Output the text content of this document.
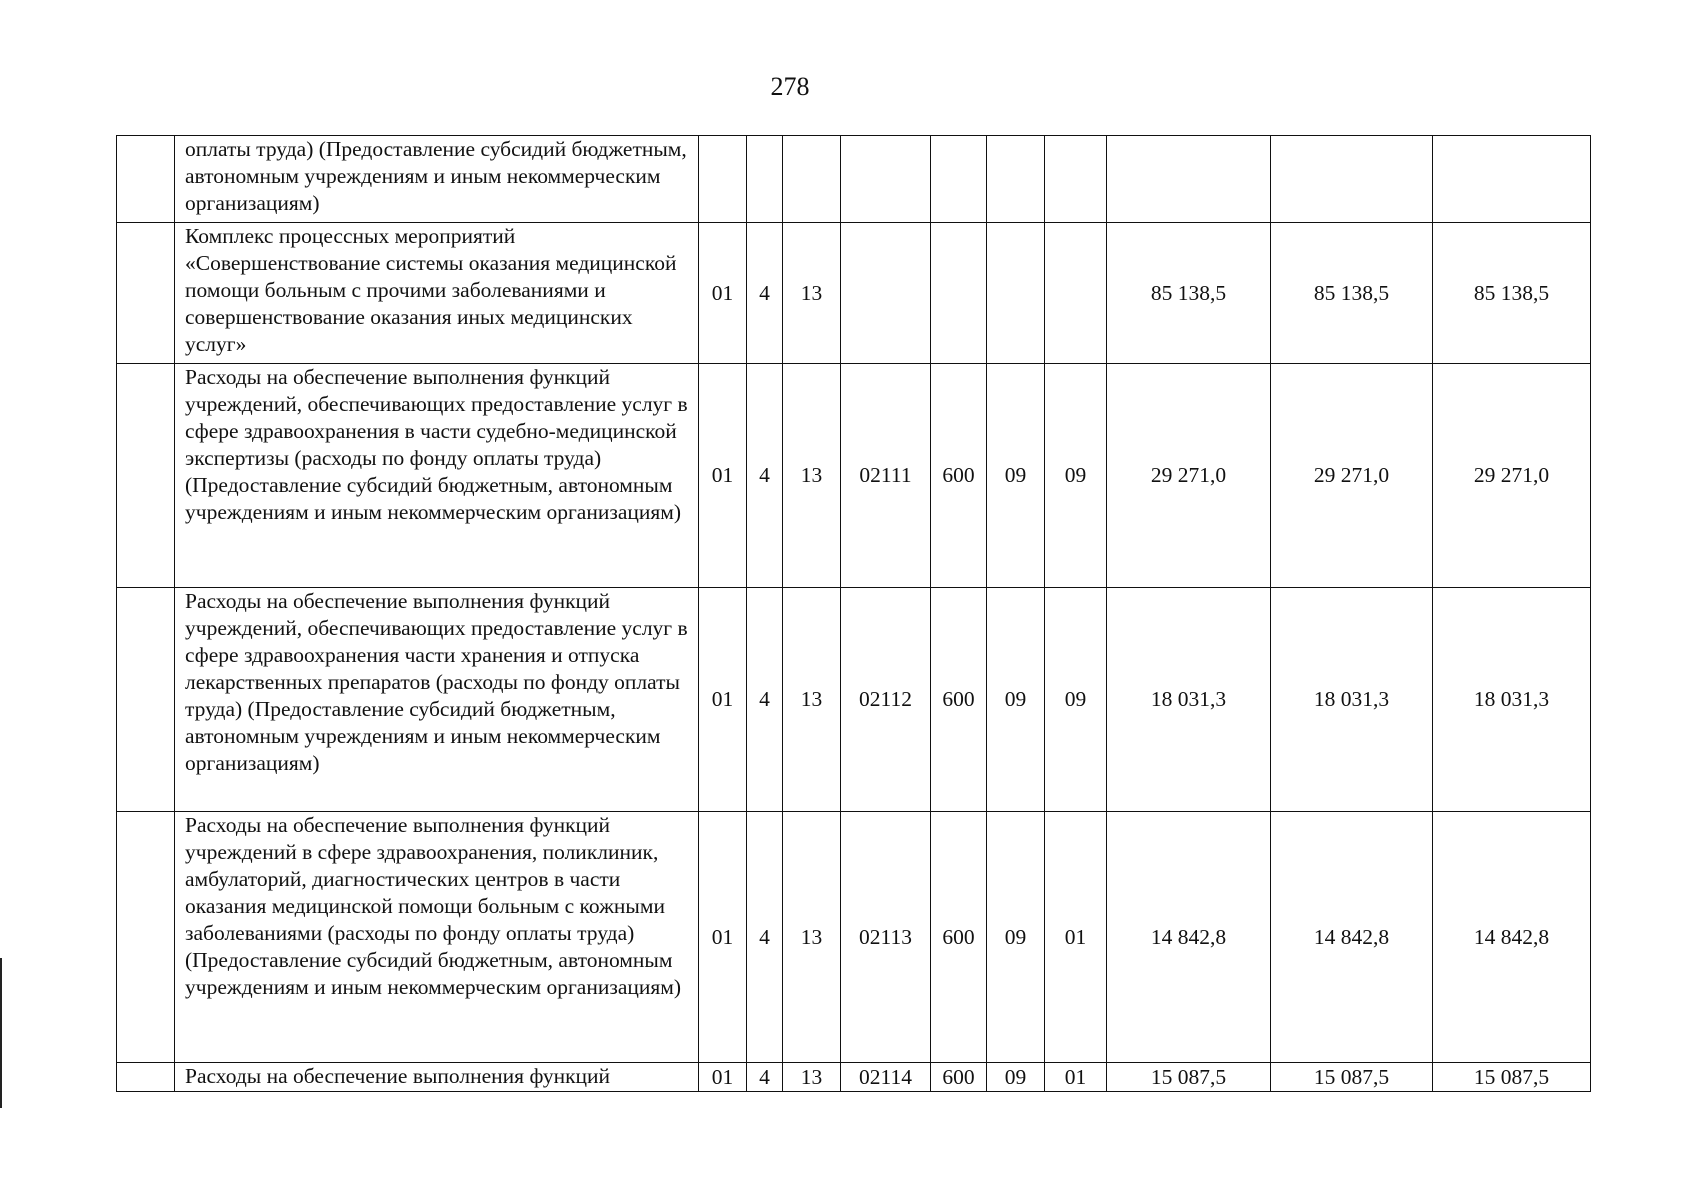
278
	оплаты труда) (Предоставление субсидий бюджетным, автономным учреждениям и иным некоммерческим организациям)										
	Комплекс процессных мероприятий «Совершенствование системы оказания медицинской помощи больным с прочими заболеваниями и совершенствование оказания иных медицинских услуг»	01	4	13					85 138,5	85 138,5	85 138,5
	Расходы на обеспечение выполнения функций учреждений, обеспечивающих предоставление услуг в сфере здравоохранения в части судебно-медицинской экспертизы (расходы по фонду оплаты труда) (Предоставление субсидий бюджетным, автономным учреждениям и иным некоммерческим организациям)	01	4	13	02111	600	09	09	29 271,0	29 271,0	29 271,0
	Расходы на обеспечение выполнения функций учреждений, обеспечивающих предоставление услуг в сфере здравоохранения части хранения и отпуска лекарственных препаратов (расходы по фонду оплаты труда) (Предоставление субсидий бюджетным, автономным учреждениям и иным некоммерческим организациям)	01	4	13	02112	600	09	09	18 031,3	18 031,3	18 031,3
	Расходы на обеспечение выполнения функций учреждений в сфере здравоохранения, поликлиник, амбулаторий, диагностических центров в части оказания медицинской помощи больным с кожными заболеваниями (расходы по фонду оплаты труда) (Предоставление субсидий бюджетным, автономным учреждениям и иным некоммерческим организациям)	01	4	13	02113	600	09	01	14 842,8	14 842,8	14 842,8
	Расходы на обеспечение выполнения функций	01	4	13	02114	600	09	01	15 087,5	15 087,5	15 087,5
